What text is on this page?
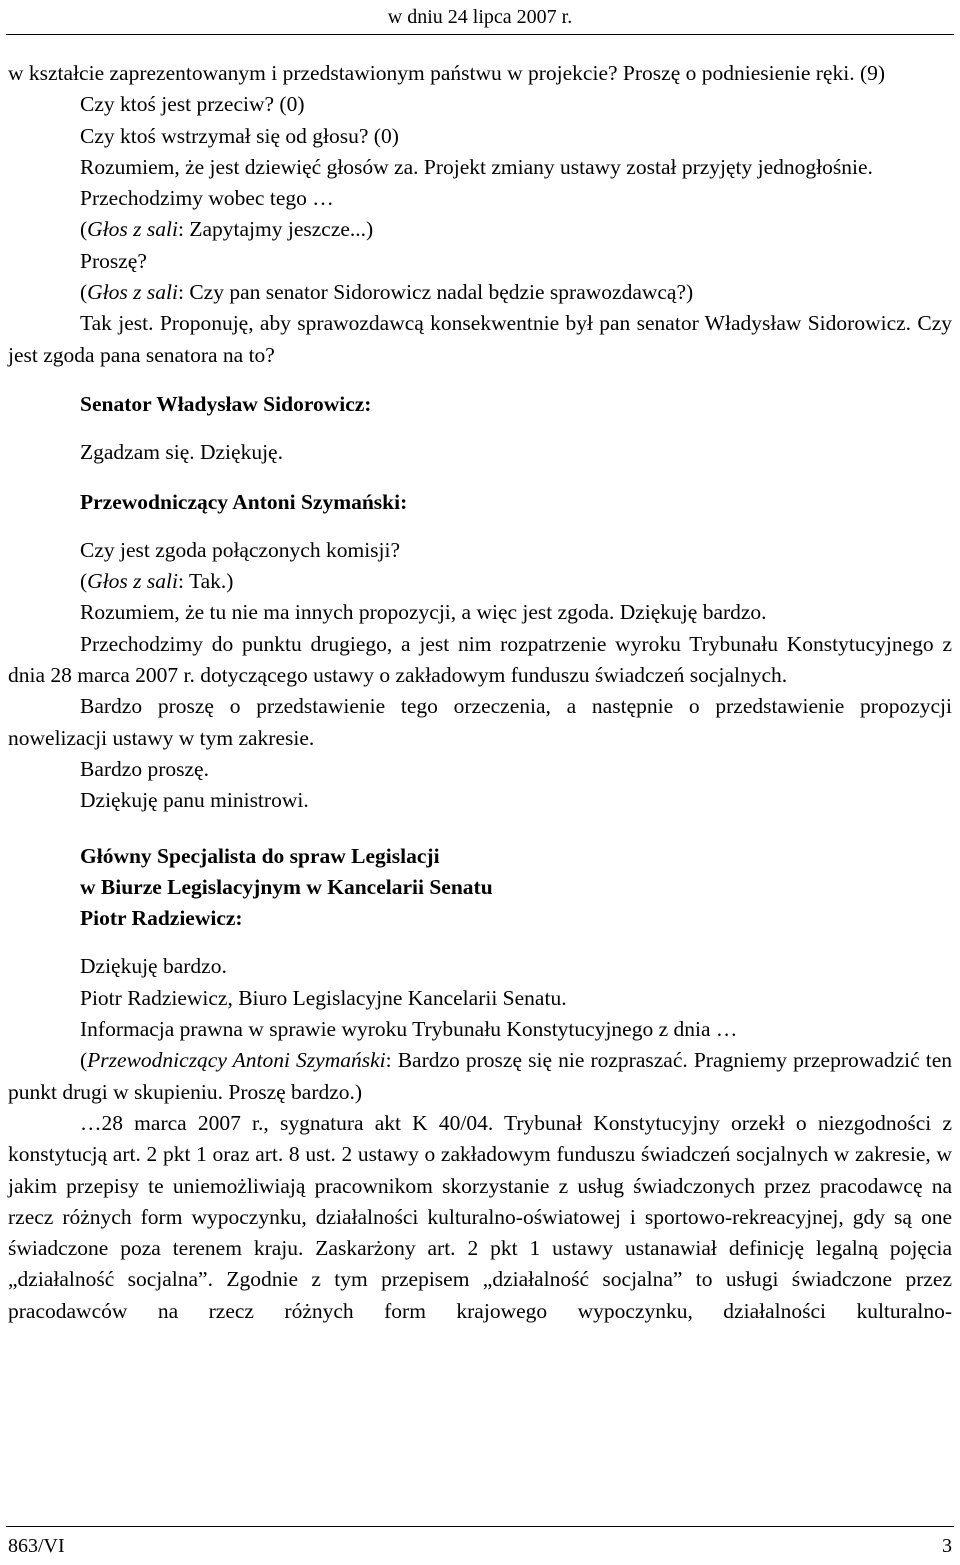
w dniu 24 lipca 2007 r.

w kształcie zaprezentowanym i przedstawionym państwu w projekcie? Proszę o podniesienie ręki. (9)

Czy ktoś jest przeciw? (0)

Czy ktoś wstrzymał się od głosu? (0)

Rozumiem, że jest dziewięć głosów za. Projekt zmiany ustawy został przyjęty jednogłośnie.

Przechodzimy wobec tego …

(Głos z sali: Zapytajmy jeszcze...)

Proszę?

(Głos z sali: Czy pan senator Sidorowicz nadal będzie sprawozdawcą?)

Tak jest. Proponuję, aby sprawozdawcą konsekwentnie był pan senator Władysław Sidorowicz. Czy jest zgoda pana senatora na to?

Senator Władysław Sidorowicz:

Zgadzam się. Dziękuję.

Przewodniczący Antoni Szymański:

Czy jest zgoda połączonych komisji?

(Głos z sali: Tak.)

Rozumiem, że tu nie ma innych propozycji, a więc jest zgoda. Dziękuję bardzo.

Przechodzimy do punktu drugiego, a jest nim rozpatrzenie wyroku Trybunału Konstytucyjnego z dnia 28 marca 2007 r. dotyczącego ustawy o zakładowym funduszu świadczeń socjalnych.

Bardzo proszę o przedstawienie tego orzeczenia, a następnie o przedstawienie propozycji nowelizacji ustawy w tym zakresie.

Bardzo proszę.

Dziękuję panu ministrowi.

Główny Specjalista do spraw Legislacji

w Biurze Legislacyjnym w Kancelarii Senatu

Piotr Radziewicz:

Dziękuję bardzo.

Piotr Radziewicz, Biuro Legislacyjne Kancelarii Senatu.

Informacja prawna w sprawie wyroku Trybunału Konstytucyjnego z dnia …

(Przewodniczący Antoni Szymański: Bardzo proszę się nie rozpraszać. Pragniemy przeprowadzić ten punkt drugi w skupieniu. Proszę bardzo.)

…28 marca 2007 r., sygnatura akt K 40/04. Trybunał Konstytucyjny orzekł o niezgodności z konstytucją art. 2 pkt 1 oraz art. 8 ust. 2 ustawy o zakładowym funduszu świadczeń socjalnych w zakresie, w jakim przepisy te uniemożliwiają pracownikom skorzystanie z usług świadczonych przez pracodawcę na rzecz różnych form wypoczynku, działalności kulturalno-oświatowej i sportowo-rekreacyjnej, gdy są one świadczone poza terenem kraju. Zaskarżony art. 2 pkt 1 ustawy ustanawiał definicję legalną pojęcia „działalność socjalna”. Zgodnie z tym przepisem „działalność socjalna” to usługi świadczone przez pracodawców na rzecz różnych form krajowego wypoczynku, działalności kulturalno-

863/VI	3
